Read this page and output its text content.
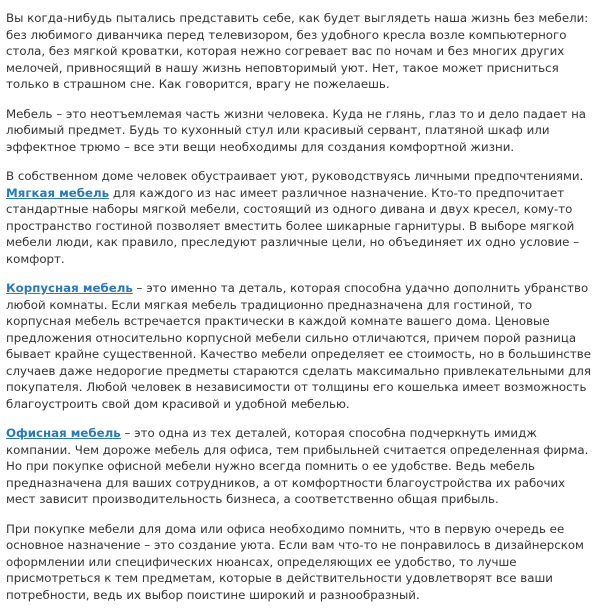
Вы когда-нибудь пытались представить себе, как будет выглядеть наша жизнь без мебели: без любимого диванчика перед телевизором, без удобного кресла возле компьютерного стола, без мягкой кроватки, которая нежно согревает вас по ночам и без многих других мелочей, привносящий в нашу жизнь неповторимый уют. Нет, такое может присниться только в страшном сне. Как говорится, врагу не пожелаешь.

Мебель – это неотъемлемая часть жизни человека. Куда не глянь, глаз то и дело падает на любимый предмет. Будь то кухонный стул или красивый сервант, платяной шкаф или эффектное трюмо – все эти вещи необходимы для создания комфортной жизни.

В собственном доме человек обустраивает уют, руководствуясь личными предпочтениями. Мягкая мебель для каждого из нас имеет различное назначение. Кто-то предпочитает стандартные наборы мягкой мебели, состоящий из одного дивана и двух кресел, кому-то пространство гостиной позволяет вместить более шикарные гарнитуры. В выборе мягкой мебели люди, как правило, преследуют различные цели, но объединяет их одно условие – комфорт.

Корпусная мебель – это именно та деталь, которая способна удачно дополнить убранство любой комнаты. Если мягкая мебель традиционно предназначена для гостиной, то корпусная мебель встречается практически в каждой комнате вашего дома. Ценовые предложения относительно корпусной мебели сильно отличаются, причем порой разница бывает крайне существенной. Качество мебели определяет ее стоимость, но в большинстве случаев даже недорогие предметы стараются сделать максимально привлекательными для покупателя. Любой человек в независимости от толщины его кошелька имеет возможность благоустроить свой дом красивой и удобной мебелью.

Офисная мебель – это одна из тех деталей, которая способна подчеркнуть имидж компании. Чем дороже мебель для офиса, тем прибыльней считается определенная фирма. Но при покупке офисной мебели нужно всегда помнить о ее удобстве. Ведь мебель предназначена для ваших сотрудников, а от комфортности благоустройства их рабочих мест зависит производительность бизнеса, а соответственно общая прибыль.

При покупке мебели для дома или офиса необходимо помнить, что в первую очередь ее основное назначение – это создание уюта. Если вам что-то не понравилось в дизайнерском оформлении или специфических нюансах, определяющих ее удобство, то лучше присмотреться к тем предметам, которые в действительности удовлетворят все ваши потребности, ведь их выбор поистине широкий и разнообразный.
